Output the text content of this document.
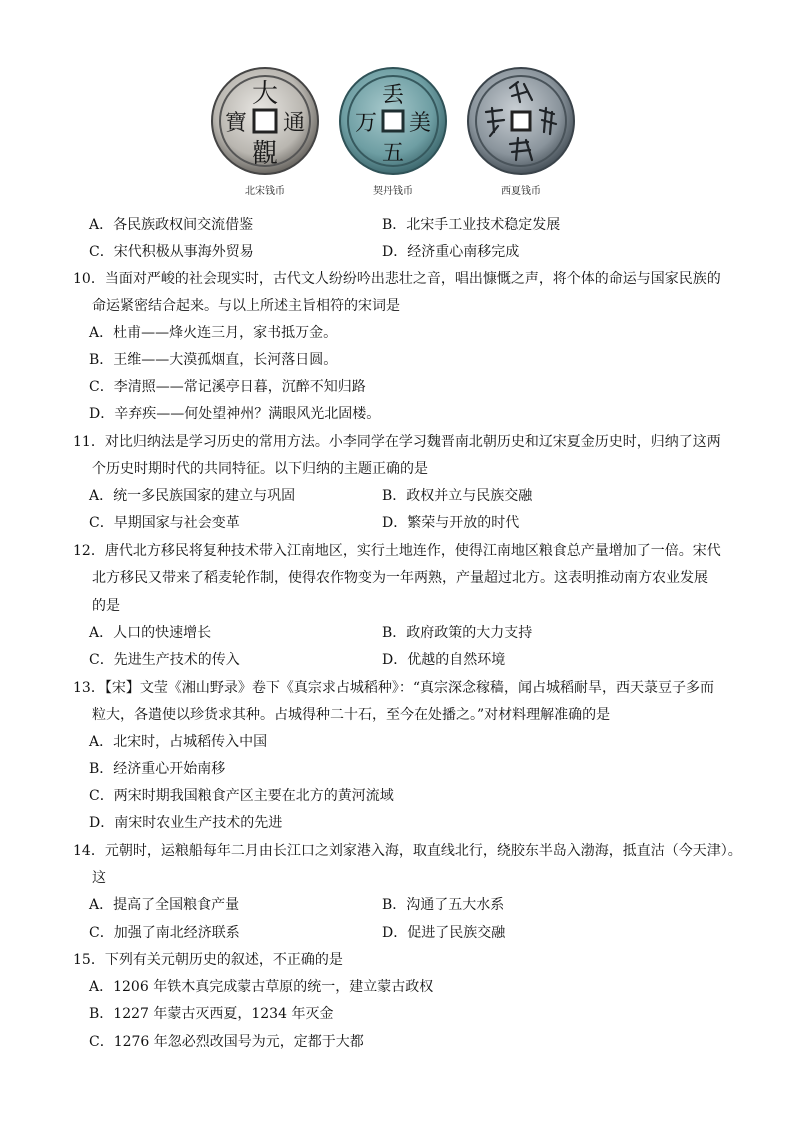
大
通
觀
寶
北宋钱币
丢
美
五
万
契丹钱币	西夏钱币
A．各民族政权间交流借鉴	B．北宋手工业技术稳定发展
C．宋代积极从事海外贸易	D．经济重心南移完成
10．当面对严峻的社会现实时，古代文人纷纷吟出悲壮之音，唱出慷慨之声，将个体的命运与国家民族的
命运紧密结合起来。与以上所述主旨相符的宋词是
A．杜甫——烽火连三月，家书抵万金。
B．王维——大漠孤烟直，长河落日圆。
C．李清照——常记溪亭日暮，沉醉不知归路
D．辛弃疾——何处望神州？满眼风光北固楼。
11．对比归纳法是学习历史的常用方法。小李同学在学习魏晋南北朝历史和辽宋夏金历史时，归纳了这两
个历史时期时代的共同特征。以下归纳的主题正确的是
A．统一多民族国家的建立与巩固	B．政权并立与民族交融
C．早期国家与社会变革	D．繁荣与开放的时代
12．唐代北方移民将复种技术带入江南地区，实行土地连作，使得江南地区粮食总产量增加了一倍。宋代
北方移民又带来了稻麦轮作制，使得农作物变为一年两熟，产量超过北方。这表明推动南方农业发展
的是
A．人口的快速增长	B．政府政策的大力支持
C．先进生产技术的传入	D．优越的自然环境
13．【宋】文莹《湘山野录》卷下《真宗求占城稻种》：“真宗深念稼穑，闻占城稻耐旱，西天菉豆子多而
粒大，各遣使以珍货求其种。占城得种二十石，至今在处播之。”对材料理解准确的是
A．北宋时，占城稻传入中国
B．经济重心开始南移
C．两宋时期我国粮食产区主要在北方的黄河流域
D．南宋时农业生产技术的先进
14．元朝时，运粮船每年二月由长江口之刘家港入海，取直线北行，绕胶东半岛入渤海，抵直沽（今天津）。
这
A．提高了全国粮食产量	B．沟通了五大水系
C．加强了南北经济联系	D．促进了民族交融
15．下列有关元朝历史的叙述，不正确的是
A．1206 年铁木真完成蒙古草原的统一，建立蒙古政权
B．1227 年蒙古灭西夏，1234 年灭金
C．1276 年忽必烈改国号为元，定都于大都
